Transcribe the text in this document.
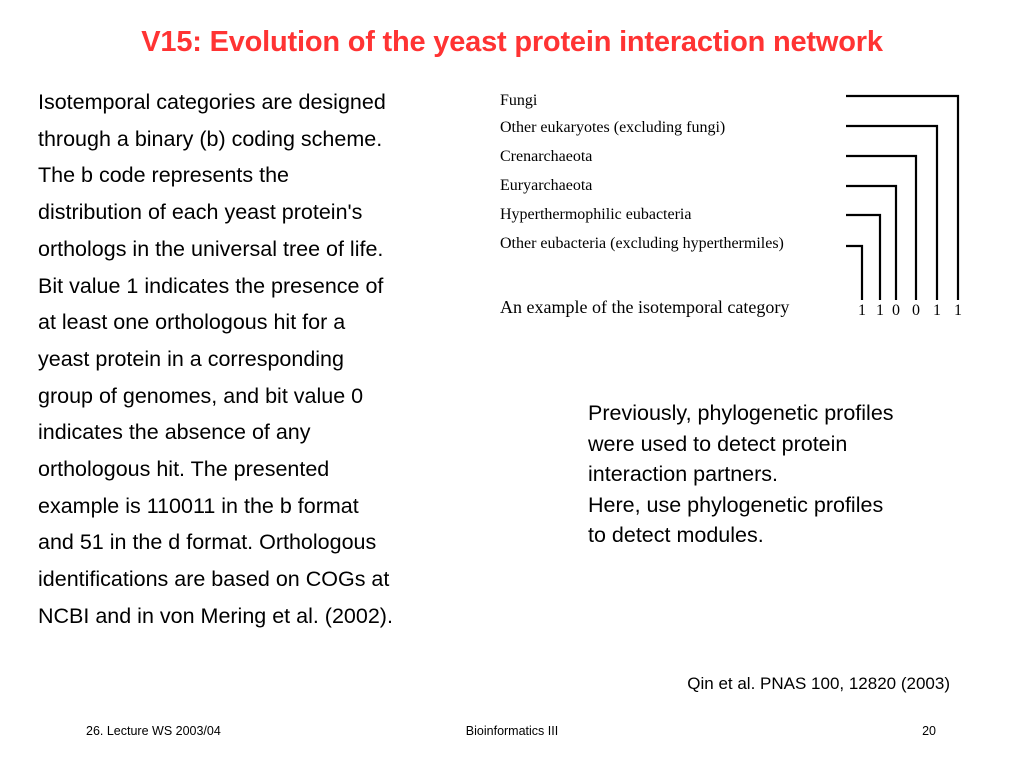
V15: Evolution of the yeast protein interaction network
Isotemporal categories are designed
through a binary (b) coding scheme.
The b code represents the
distribution of each yeast protein's
orthologs in the universal tree of life.
Bit value 1 indicates the presence of
at least one orthologous hit for a
yeast protein in a corresponding
group of genomes, and bit value 0
indicates the absence of any
orthologous hit. The presented
example is 110011 in the b format
and 51 in the d format. Orthologous
identifications are based on COGs at
NCBI and in von Mering et al. (2002).
Fungi
Other eukaryotes (excluding fungi)
Crenarchaeota
Euryarchaeota
Hyperthermophilic eubacteria
Other eubacteria (excluding hyperthermiles)
An example of the isotemporal category	1 1 0 0 1 1
Previously, phylogenetic profiles
were used to detect protein
interaction partners.
Here, use phylogenetic profiles
to detect modules.
Qin et al. PNAS 100, 12820 (2003)
26. Lecture WS 2003/04	Bioinformatics III	20
